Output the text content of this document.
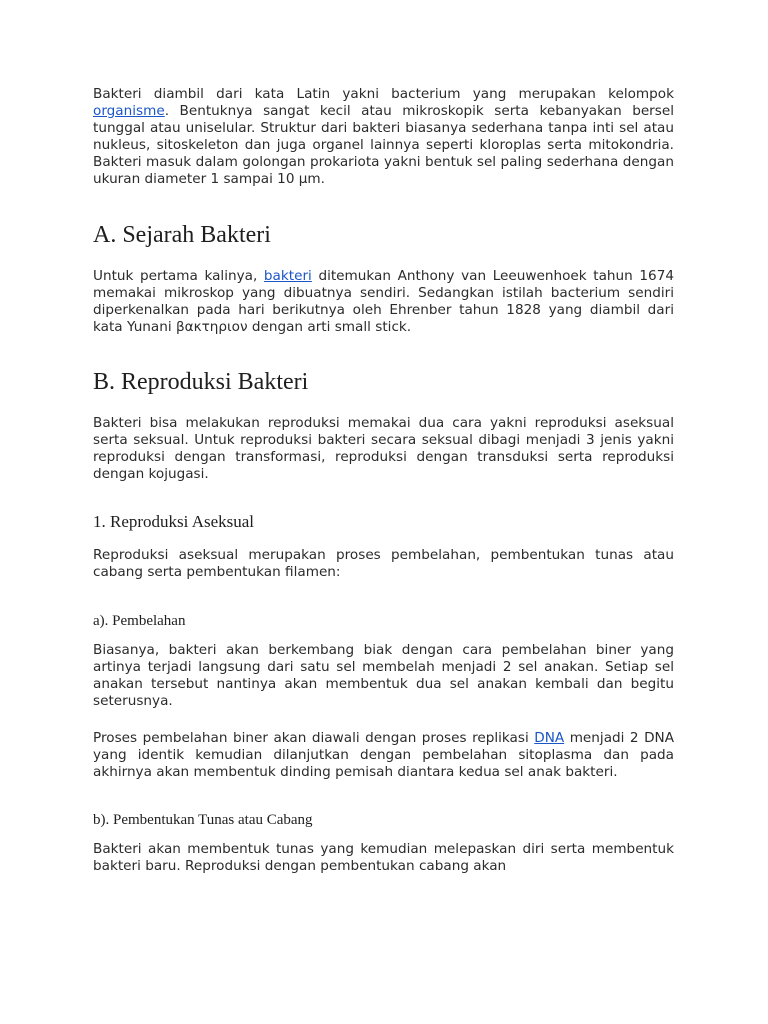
Bakteri diambil dari kata Latin yakni bacterium yang merupakan kelompok organisme. Bentuknya sangat kecil atau mikroskopik serta kebanyakan bersel tunggal atau uniselular. Struktur dari bakteri biasanya sederhana tanpa inti sel atau nukleus, sitoskeleton dan juga organel lainnya seperti kloroplas serta mitokondria. Bakteri masuk dalam golongan prokariota yakni bentuk sel paling sederhana dengan ukuran diameter 1 sampai 10 µm.

A. Sejarah Bakteri

Untuk pertama kalinya, bakteri ditemukan Anthony van Leeuwenhoek tahun 1674 memakai mikroskop yang dibuatnya sendiri. Sedangkan istilah bacterium sendiri diperkenalkan pada hari berikutnya oleh Ehrenber tahun 1828 yang diambil dari kata Yunani βακτηριον dengan arti small stick.

B. Reproduksi Bakteri

Bakteri bisa melakukan reproduksi memakai dua cara yakni reproduksi aseksual serta seksual. Untuk reproduksi bakteri secara seksual dibagi menjadi 3 jenis yakni reproduksi dengan transformasi, reproduksi dengan transduksi serta reproduksi dengan kojugasi.

1. Reproduksi Aseksual

Reproduksi aseksual merupakan proses pembelahan, pembentukan tunas atau cabang serta pembentukan filamen:

a). Pembelahan

Biasanya, bakteri akan berkembang biak dengan cara pembelahan biner yang artinya terjadi langsung dari satu sel membelah menjadi 2 sel anakan. Setiap sel anakan tersebut nantinya akan membentuk dua sel anakan kembali dan begitu seterusnya.

Proses pembelahan biner akan diawali dengan proses replikasi DNA menjadi 2 DNA yang identik kemudian dilanjutkan dengan pembelahan sitoplasma dan pada akhirnya akan membentuk dinding pemisah diantara kedua sel anak bakteri.

b). Pembentukan Tunas atau Cabang

Bakteri akan membentuk tunas yang kemudian melepaskan diri serta membentuk bakteri baru. Reproduksi dengan pembentukan cabang akan
